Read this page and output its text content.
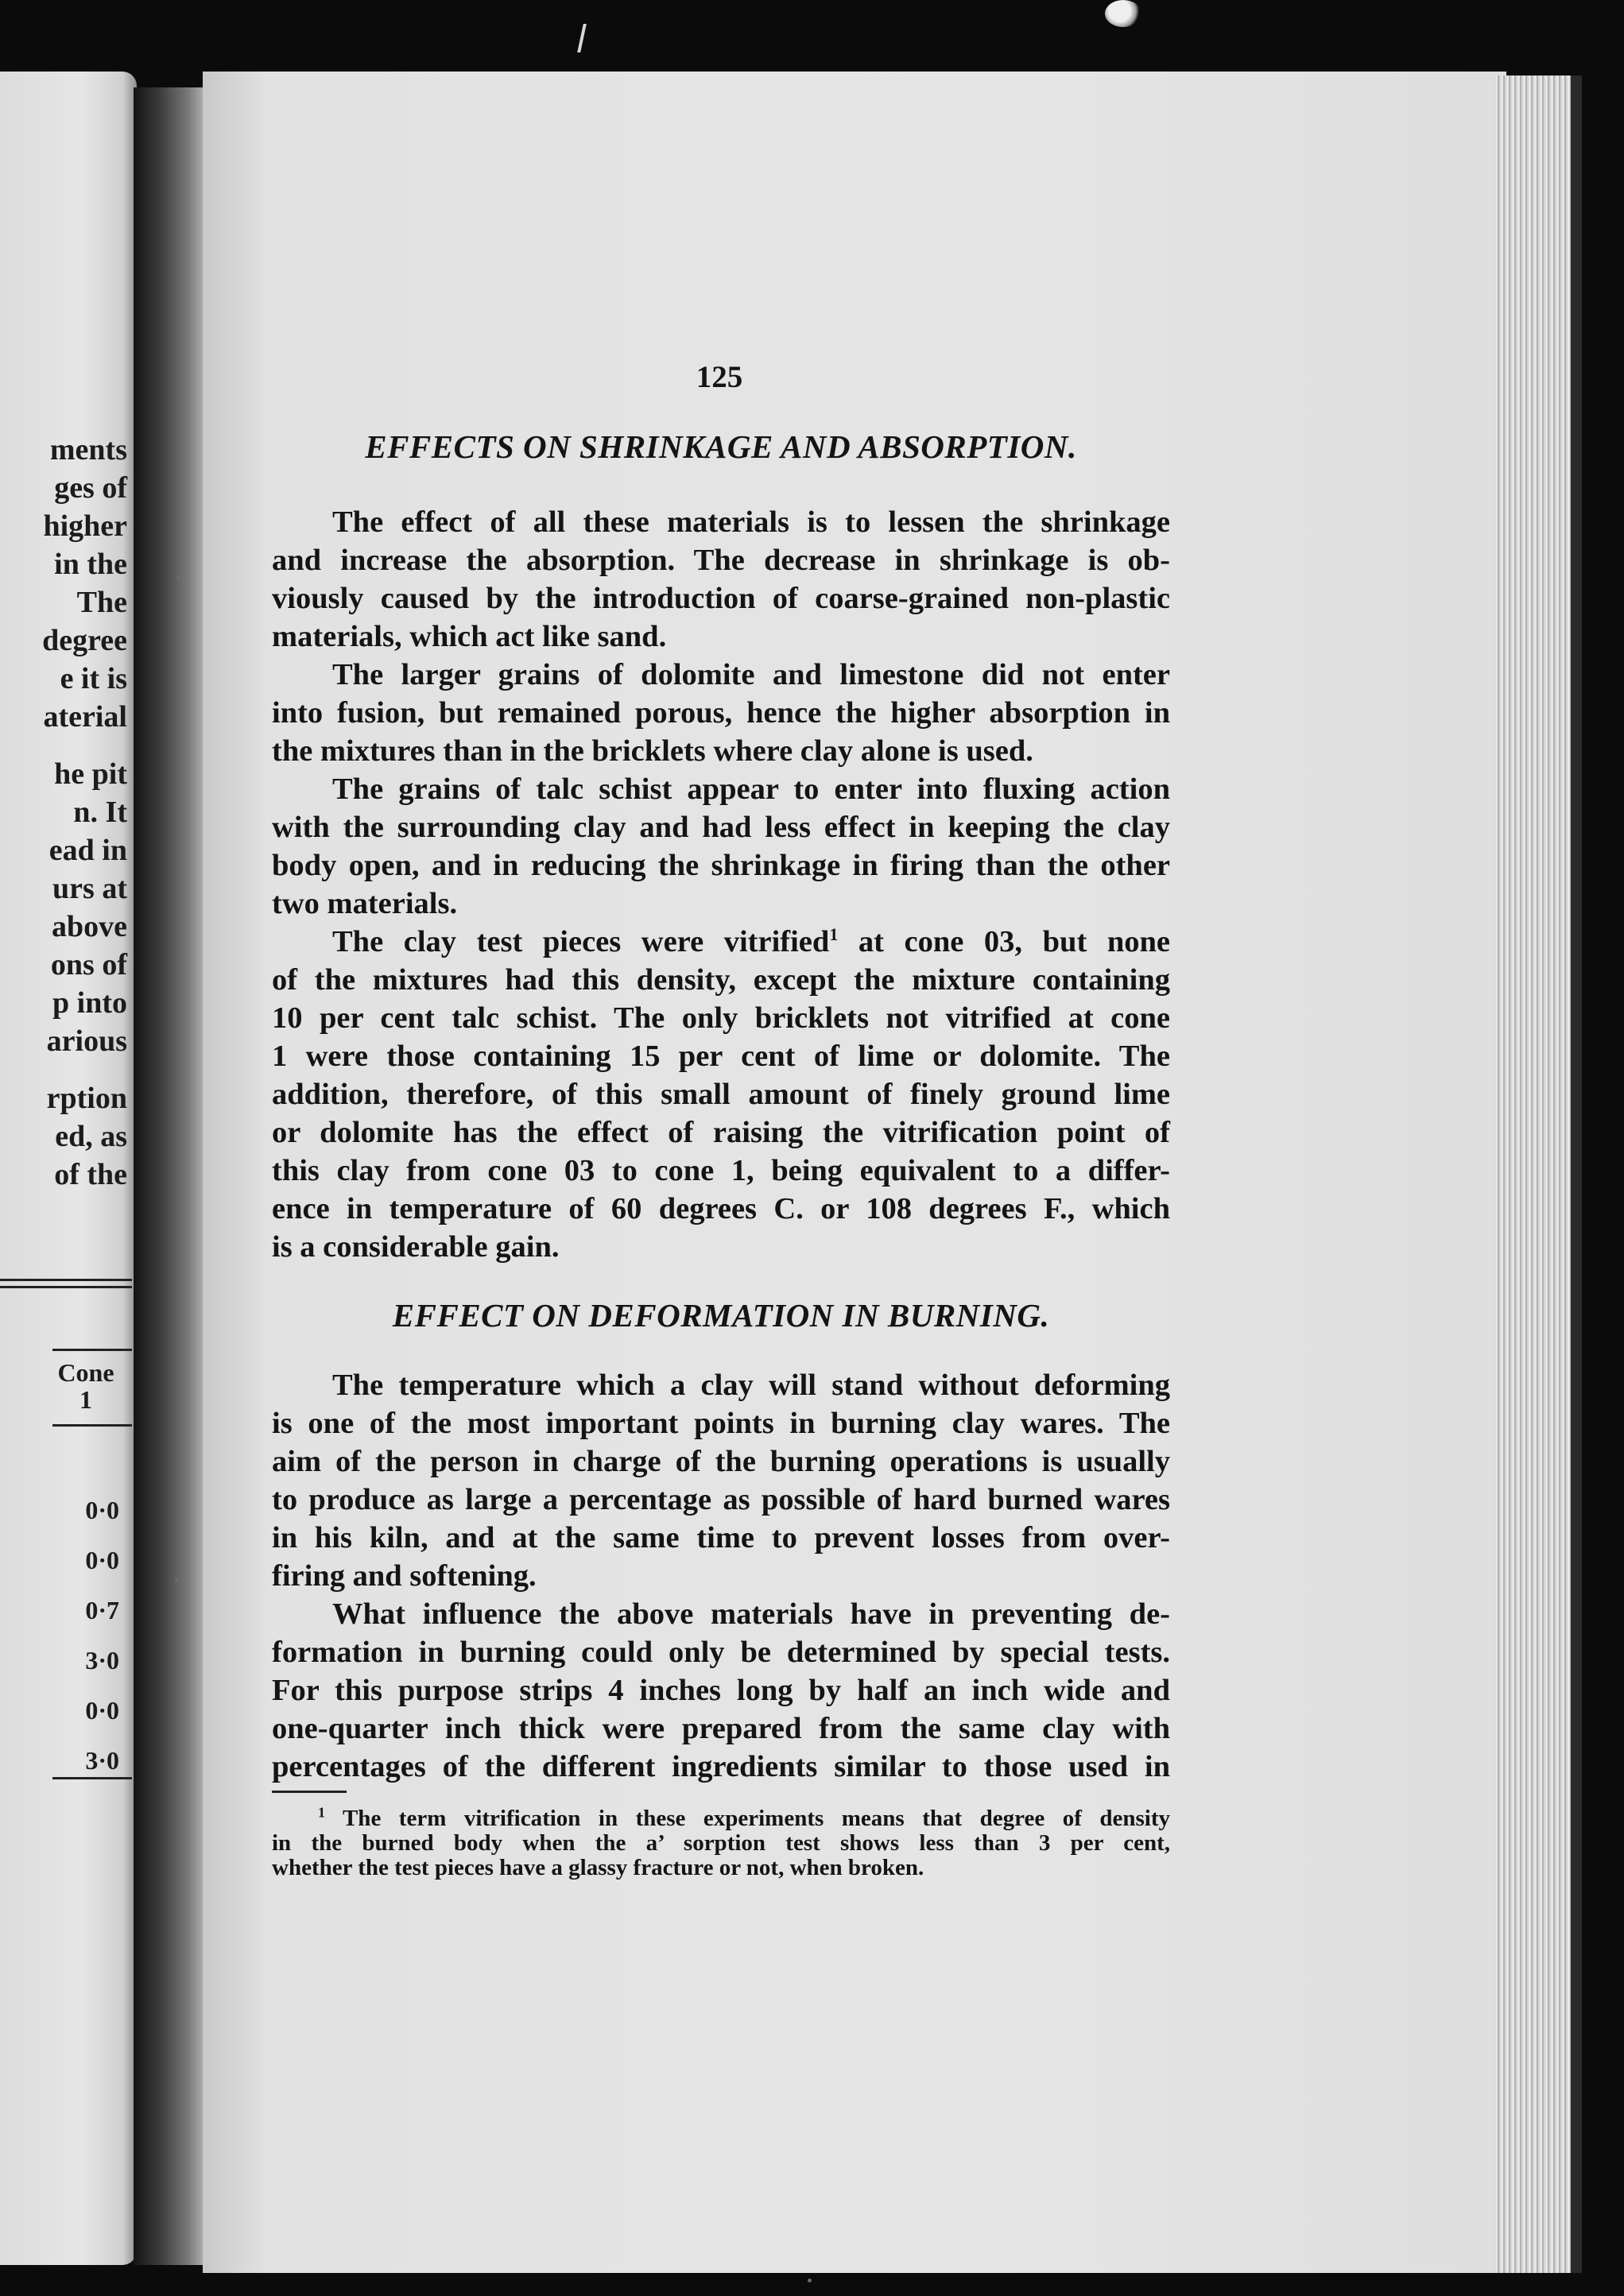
ments
ges of
higher
in the
The
degree
e it is
aterial
he pit
n. It
ead in
urs at
above
ons of
p into
arious
rption
ed, as
of the
Cone
1
0·0
0·0
0·7
3·0
0·0
3·0
125
EFFECTS ON SHRINKAGE AND ABSORPTION.
The effect of all these materials is to lessen the shrinkage
and increase the absorption. The decrease in shrinkage is ob-
viously caused by the introduction of coarse-grained non-plastic
materials, which act like sand.
The larger grains of dolomite and limestone did not enter
into fusion, but remained porous, hence the higher absorption in
the mixtures than in the bricklets where clay alone is used.
The grains of talc schist appear to enter into fluxing action
with the surrounding clay and had less effect in keeping the clay
body open, and in reducing the shrinkage in firing than the other
two materials.
The clay test pieces were vitrified$^1$ at cone 03, but none
of the mixtures had this density, except the mixture containing
10 per cent talc schist. The only bricklets not vitrified at cone
1 were those containing 15 per cent of lime or dolomite. The
addition, therefore, of this small amount of finely ground lime
or dolomite has the effect of raising the vitrification point of
this clay from cone 03 to cone 1, being equivalent to a differ-
ence in temperature of 60 degrees C. or 108 degrees F., which
is a considerable gain.
EFFECT ON DEFORMATION IN BURNING.
The temperature which a clay will stand without deforming
is one of the most important points in burning clay wares. The
aim of the person in charge of the burning operations is usually
to produce as large a percentage as possible of hard burned wares
in his kiln, and at the same time to prevent losses from over-
firing and softening.
What influence the above materials have in preventing de-
formation in burning could only be determined by special tests.
For this purpose strips 4 inches long by half an inch wide and
one-quarter inch thick were prepared from the same clay with
percentages of the different ingredients similar to those used in
$^1$ The term vitrification in these experiments means that degree of density
in the burned body when the a’ sorption test shows less than 3 per cent,
whether the test pieces have a glassy fracture or not, when broken.
